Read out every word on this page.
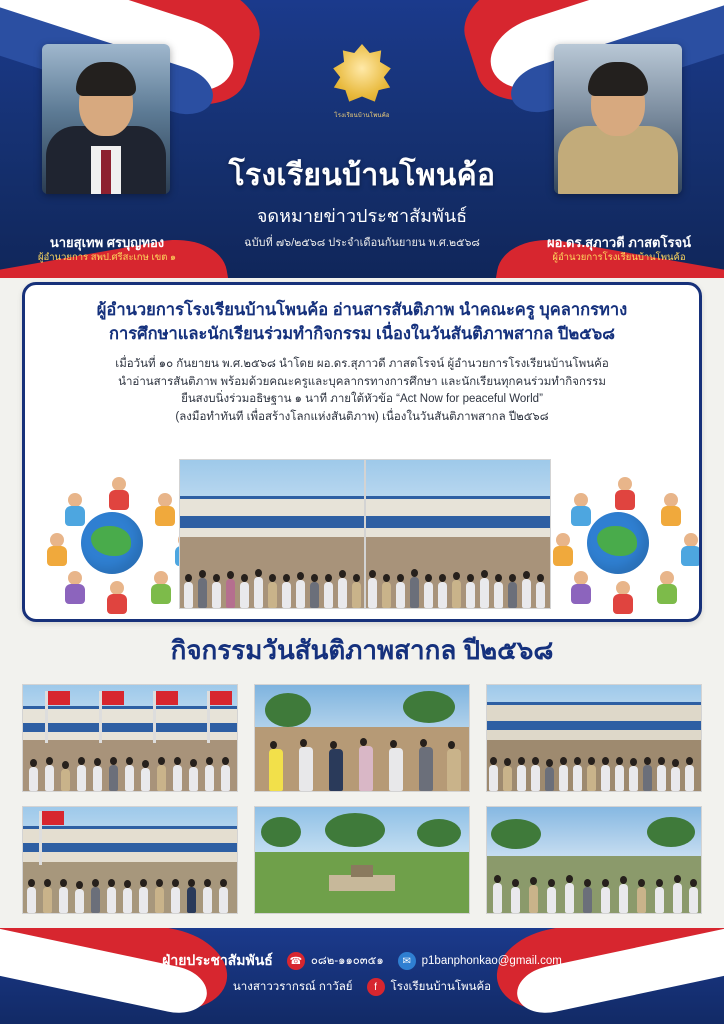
โรงเรียนบ้านโพนค้อ
โรงเรียนบ้านโพนค้อ
จดหมายข่าวประชาสัมพันธ์
ฉบับที่ ๗๖/๒๕๖๘ ประจำเดือนกันยายน พ.ศ.๒๕๖๘
นายสุเทพ ศรบุญทอง
ผู้อำนวยการ สพป.ศรีสะเกษ เขต ๑
ผอ.ดร.สุภาวดี ภาสตโรจน์
ผู้อำนวยการโรงเรียนบ้านโพนค้อ
ผู้อำนวยการโรงเรียนบ้านโพนค้อ อ่านสารสันติภาพ นำคณะครู บุคลากรทาง
การศึกษาและนักเรียนร่วมทำกิจกรรม เนื่องในวันสันติภาพสากล ปี๒๕๖๘
เมื่อวันที่ ๑๐ กันยายน พ.ศ.๒๕๖๘ นำโดย ผอ.ดร.สุภาวดี ภาสตโรจน์ ผู้อำนวยการโรงเรียนบ้านโพนค้อ
นำอ่านสารสันติภาพ พร้อมด้วยคณะครูและบุคลากรทางการศึกษา และนักเรียนทุกคนร่วมทำกิจกรรม
ยืนสงบนิ่งร่วมอธิษฐาน ๑ นาที ภายใต้หัวข้อ “Act Now for peaceful World”
(ลงมือทำทันที เพื่อสร้างโลกแห่งสันติภาพ) เนื่องในวันสันติภาพสากล ปี๒๕๖๘
กิจกรรมวันสันติภาพสากล ปี๒๕๖๘
ฝ่ายประชาสัมพันธ์ ☎ ๐๘๒-๑๑๐๓๕๑	✉ p1banphonkao@gmail.com
นางสาววรากรณ์ กาวัลย์	f	โรงเรียนบ้านโพนค้อ
